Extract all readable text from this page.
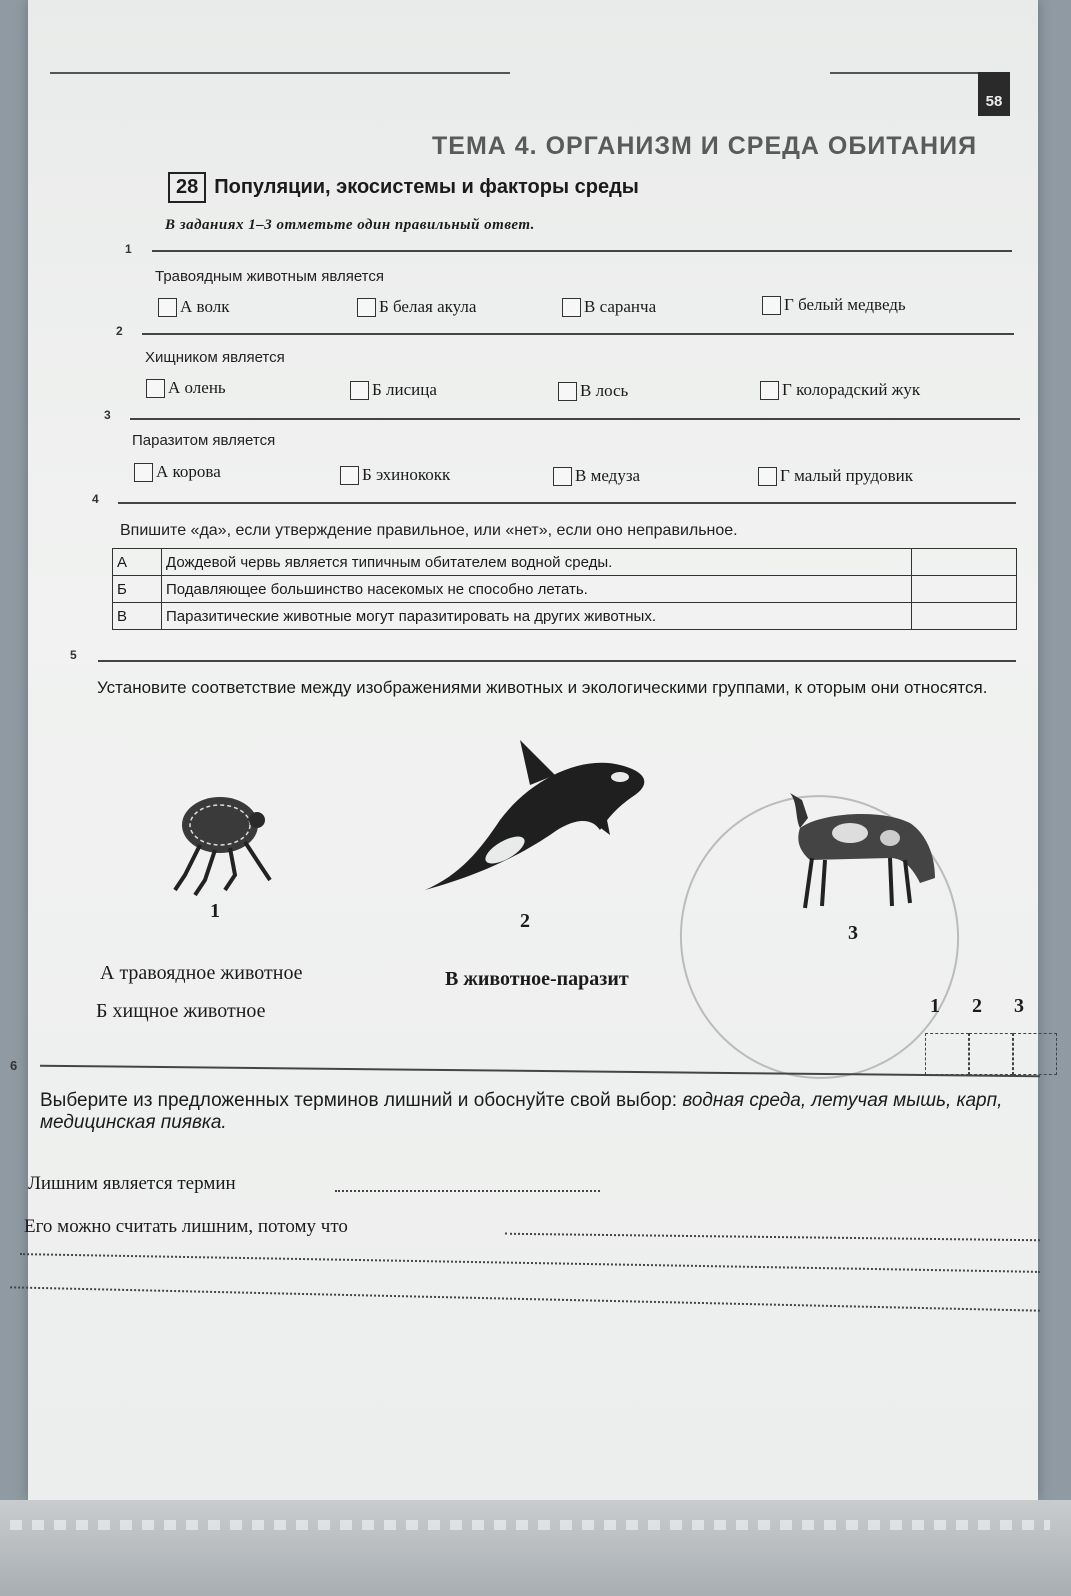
58
ТЕМА 4. ОРГАНИЗМ И СРЕДА ОБИТАНИЯ
28 Популяции, экосистемы и факторы среды
В заданиях 1–3 отметьте один правильный ответ.
1
Травоядным животным является
А волк	Б белая акула	В саранча	Г белый медведь
2
Хищником является
А олень	Б лисица	В лось	Г колорадский жук
3
Паразитом является
А корова	Б эхинококк	В медуза	Г малый прудовик
4
Впишите «да», если утверждение правильное, или «нет», если оно неправильное.
А	Дождевой червь является типичным обитателем водной среды.	
Б	Подавляющее большинство насекомых не способно летать.	
В	Паразитические животные могут паразитировать на других животных.	
5
Установите соответствие между изображениями животных и экологическими группами, к оторым они относятся.
1	2
3
А травоядное животное
Б хищное животное
В животное-паразит
1 2 3
6
Выберите из предложенных терминов лишний и обоснуйте свой выбор: водная среда, летучая мышь, карп, медицинская пиявка.
Лишним является термин
Его можно считать лишним, потому что
